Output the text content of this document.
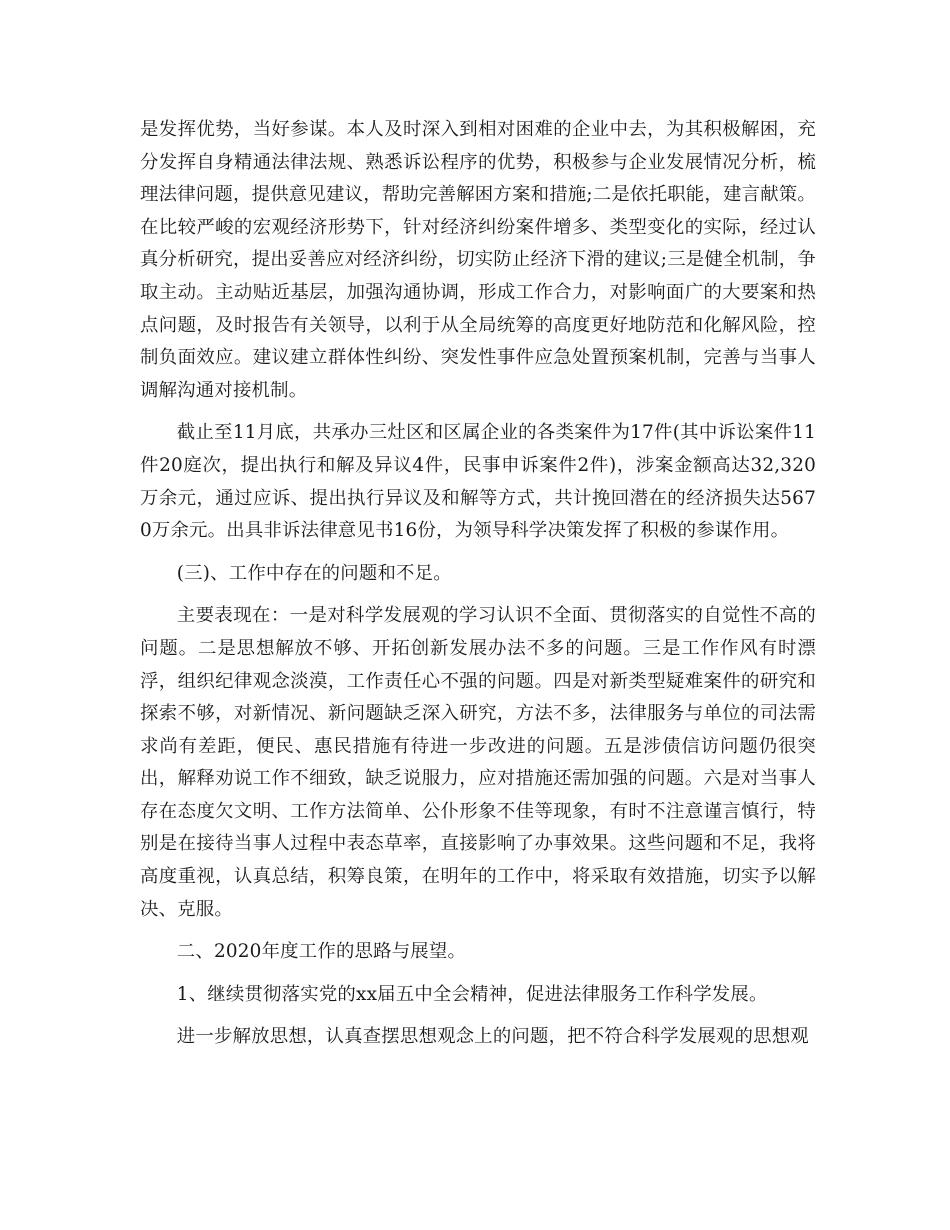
是发挥优势，当好参谋。本人及时深入到相对困难的企业中去，为其积极解困，充分发挥自身精通法律法规、熟悉诉讼程序的优势，积极参与企业发展情况分析，梳理法律问题，提供意见建议，帮助完善解困方案和措施;二是依托职能，建言献策。在比较严峻的宏观经济形势下，针对经济纠纷案件增多、类型变化的实际，经过认真分析研究，提出妥善应对经济纠纷，切实防止经济下滑的建议;三是健全机制，争取主动。主动贴近基层，加强沟通协调，形成工作合力，对影响面广的大要案和热点问题，及时报告有关领导，以利于从全局统筹的高度更好地防范和化解风险，控制负面效应。建议建立群体性纠纷、突发性事件应急处置预案机制，完善与当事人调解沟通对接机制。

截止至11月底，共承办三灶区和区属企业的各类案件为17件(其中诉讼案件11件20庭次，提出执行和解及异议4件，民事申诉案件2件)，涉案金额高达32,320万余元，通过应诉、提出执行异议及和解等方式，共计挽回潜在的经济损失达5670万余元。出具非诉法律意见书16份，为领导科学决策发挥了积极的参谋作用。

(三)、工作中存在的问题和不足。

主要表现在：一是对科学发展观的学习认识不全面、贯彻落实的自觉性不高的问题。二是思想解放不够、开拓创新发展办法不多的问题。三是工作作风有时漂浮，组织纪律观念淡漠，工作责任心不强的问题。四是对新类型疑难案件的研究和探索不够，对新情况、新问题缺乏深入研究，方法不多，法律服务与单位的司法需求尚有差距，便民、惠民措施有待进一步改进的问题。五是涉债信访问题仍很突出，解释劝说工作不细致，缺乏说服力，应对措施还需加强的问题。六是对当事人存在态度欠文明、工作方法简单、公仆形象不佳等现象，有时不注意谨言慎行，特别是在接待当事人过程中表态草率，直接影响了办事效果。这些问题和不足，我将高度重视，认真总结，积筹良策，在明年的工作中，将采取有效措施，切实予以解决、克服。

二、2020年度工作的思路与展望。

1、继续贯彻落实党的xx届五中全会精神，促进法律服务工作科学发展。

进一步解放思想，认真查摆思想观念上的问题，把不符合科学发展观的思想观
